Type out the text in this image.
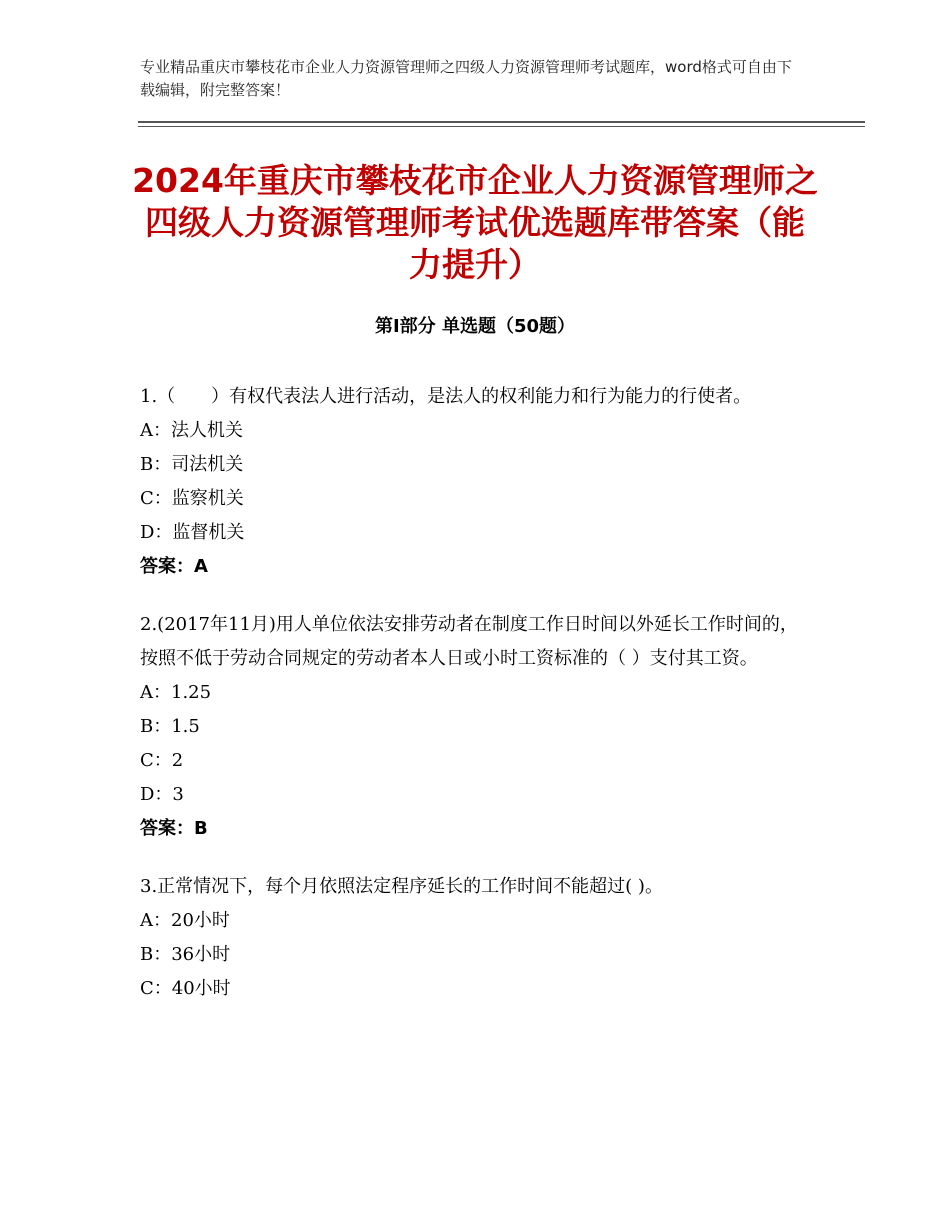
专业精品重庆市攀枝花市企业人力资源管理师之四级人力资源管理师考试题库，word格式可自由下载编辑，附完整答案！
2024年重庆市攀枝花市企业人力资源管理师之四级人力资源管理师考试优选题库带答案（能力提升）
第Ⅰ部分 单选题（50题）

1.（　　）有权代表法人进行活动，是法人的权利能力和行为能力的行使者。

A：法人机关

B：司法机关

C：监察机关

D：监督机关

答案：A

2.(2017年11月)用人单位依法安排劳动者在制度工作日时间以外延长工作时间的，按照不低于劳动合同规定的劳动者本人日或小时工资标准的（ ）支付其工资。

A：1.25

B：1.5

C：2

D：3

答案：B

3.正常情况下，每个月依照法定程序延长的工作时间不能超过( )。

A：20小时

B：36小时

C：40小时
